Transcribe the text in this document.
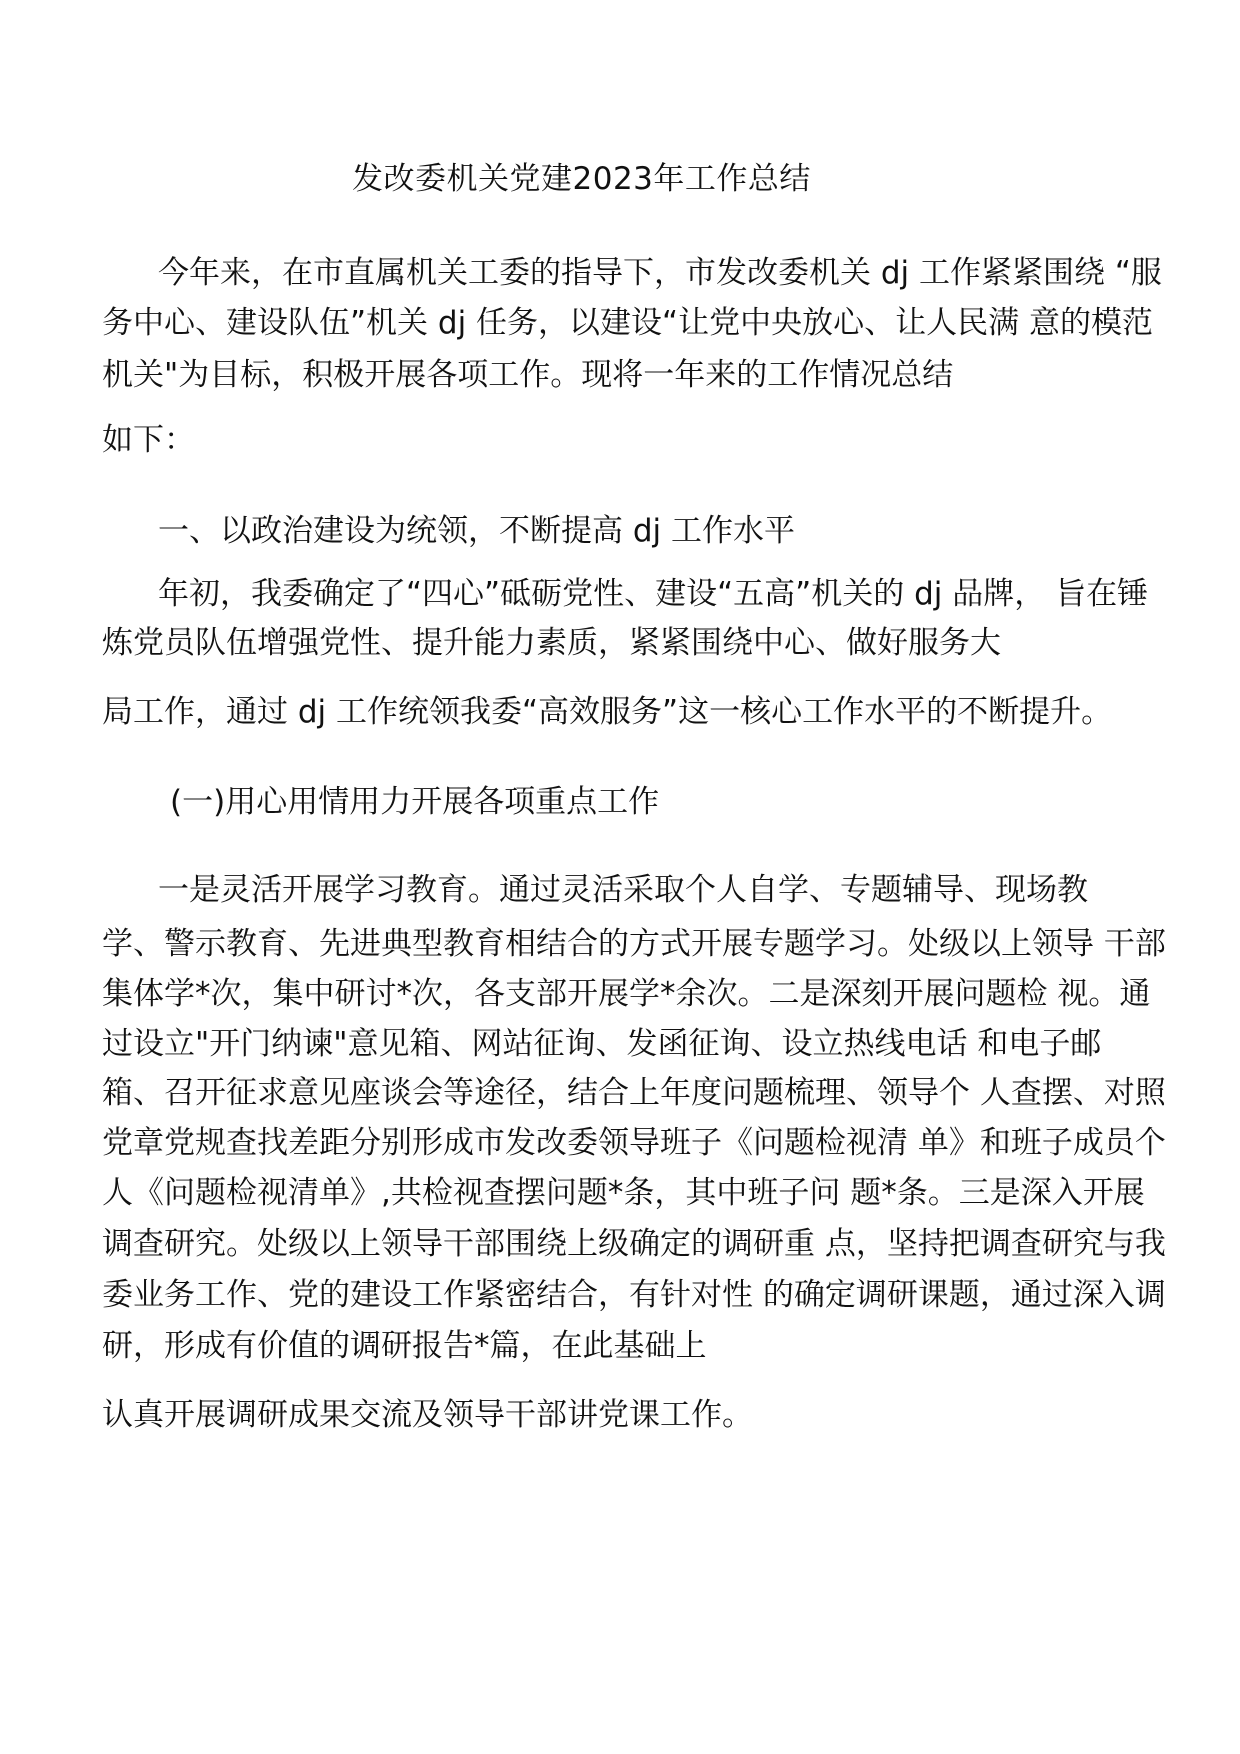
发改委机关党建2023年工作总结
今年来，在市直属机关工委的指导下，市发改委机关 dj 工作紧紧围绕 “服
务中心、建设队伍”机关 dj 任务，以建设“让党中央放心、让人民满 意的模范
机关"为目标，积极开展各项工作。现将一年来的工作情况总结
如下：
一、以政治建设为统领，不断提高 dj 工作水平
年初，我委确定了“四心”砥砺党性、建设“五高”机关的 dj 品牌， 旨在锤
炼党员队伍增强党性、提升能力素质，紧紧围绕中心、做好服务大
局工作，通过 dj 工作统领我委“高效服务”这一核心工作水平的不断提升。
(一)用心用情用力开展各项重点工作
一是灵活开展学习教育。通过灵活采取个人自学、专题辅导、现场教
学、警示教育、先进典型教育相结合的方式开展专题学习。处级以上领导 干部
集体学*次，集中研讨*次，各支部开展学*余次。二是深刻开展问题检 视。通
过设立"开门纳谏"意见箱、网站征询、发函征询、设立热线电话 和电子邮
箱、召开征求意见座谈会等途径，结合上年度问题梳理、领导个 人查摆、对照
党章党规查找差距分别形成市发改委领导班子《问题检视清 单》和班子成员个
人《问题检视清单》,共检视查摆问题*条，其中班子问 题*条。三是深入开展
调查研究。处级以上领导干部围绕上级确定的调研重 点，坚持把调查研究与我
委业务工作、党的建设工作紧密结合，有针对性 的确定调研课题，通过深入调
研，形成有价值的调研报告*篇，在此基础上
认真开展调研成果交流及领导干部讲党课工作。
